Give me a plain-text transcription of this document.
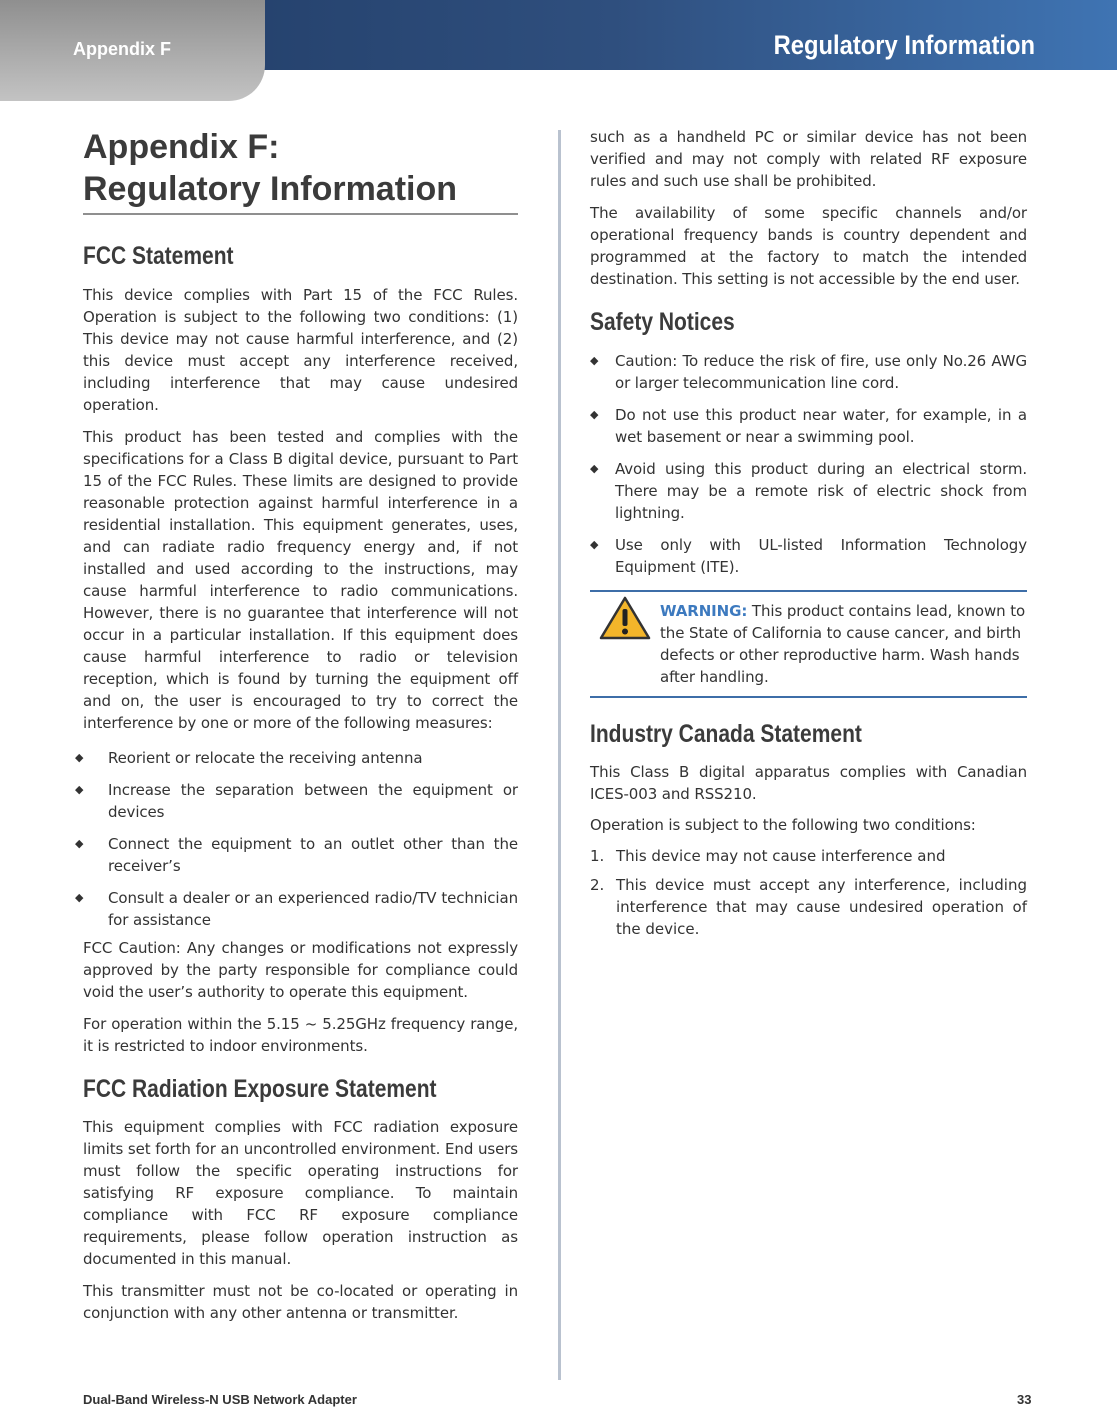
Appendix F	Regulatory Information
Appendix F:
Regulatory Information
FCC Statement

This device complies with Part 15 of the FCC Rules. Operation is subject to the following two conditions: (1) This device may not cause harmful interference, and (2) this device must accept any interference received, including interference that may cause undesired operation.

This product has been tested and complies with the specifications for a Class B digital device, pursuant to Part 15 of the FCC Rules. These limits are designed to provide reasonable protection against harmful interference in a residential installation. This equipment generates, uses, and can radiate radio frequency energy and, if not installed and used according to the instructions, may cause harmful interference to radio communications. However, there is no guarantee that interference will not occur in a particular installation. If this equipment does cause harmful interference to radio or television reception, which is found by turning the equipment off and on, the user is encouraged to try to correct the interference by one or more of the following measures:

◆ Reorient or relocate the receiving antenna
◆ Increase the separation between the equipment or devices
◆ Connect the equipment to an outlet other than the receiver’s
◆ Consult a dealer or an experienced radio/TV technician for assistance

FCC Caution: Any changes or modifications not expressly approved by the party responsible for compliance could void the user’s authority to operate this equipment.

For operation within the 5.15 ~ 5.25GHz frequency range, it is restricted to indoor environments.

FCC Radiation Exposure Statement

This equipment complies with FCC radiation exposure limits set forth for an uncontrolled environment. End users must follow the specific operating instructions for satisfying RF exposure compliance. To maintain compliance with FCC RF exposure compliance requirements, please follow operation instruction as documented in this manual.

This transmitter must not be co-located or operating in conjunction with any other antenna or transmitter.

such as a handheld PC or similar device has not been verified and may not comply with related RF exposure rules and such use shall be prohibited.

The availability of some specific channels and/or operational frequency bands is country dependent and programmed at the factory to match the intended destination. This setting is not accessible by the end user.

Safety Notices
◆ Caution: To reduce the risk of fire, use only No.26 AWG or larger telecommunication line cord.
◆ Do not use this product near water, for example, in a wet basement or near a swimming pool.
◆ Avoid using this product during an electrical storm. There may be a remote risk of electric shock from lightning.
◆ Use only with UL-listed Information Technology Equipment (ITE).

WARNING: This product contains lead, known to the State of California to cause cancer, and birth defects or other reproductive harm. Wash hands after handling.

Industry Canada Statement

This Class B digital apparatus complies with Canadian ICES-003 and RSS210.

Operation is subject to the following two conditions:

1. This device may not cause interference and
2. This device must accept any interference, including interference that may cause undesired operation of the device.
Dual-Band Wireless-N USB Network Adapter	33
